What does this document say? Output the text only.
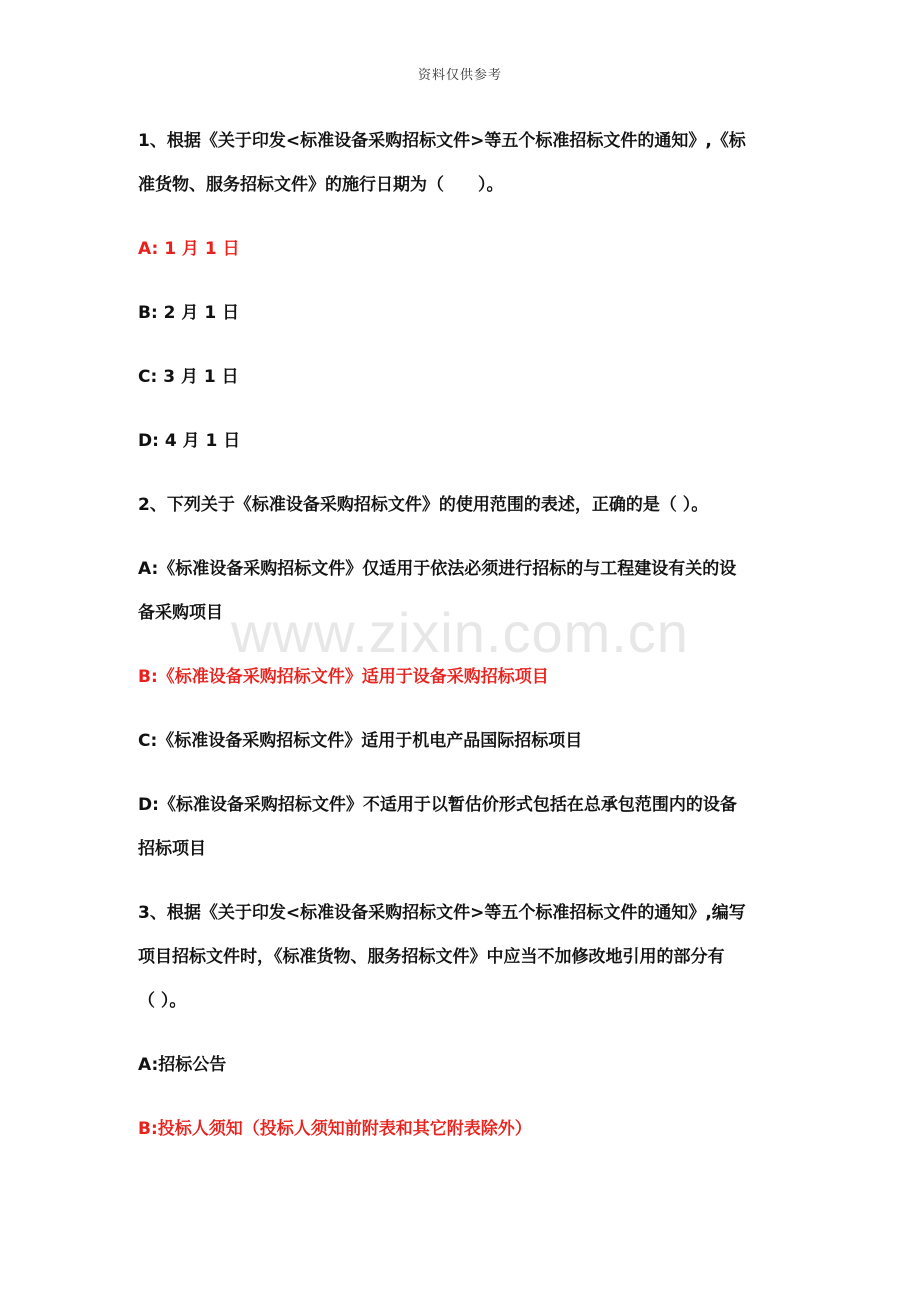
资料仅供参考
www.zixin.com.cn
1、根据《关于印发<标准设备采购招标文件>等五个标准招标文件的通知》,《标
准货物、服务招标文件》的施行日期为（　　）。
A: 1 月 1 日
B: 2 月 1 日
C: 3 月 1 日
D: 4 月 1 日
2、下列关于《标准设备采购招标文件》的使用范围的表述，正确的是（ ）。
A:《标准设备采购招标文件》仅适用于依法必须进行招标的与工程建设有关的设
备采购项目
B:《标准设备采购招标文件》适用于设备采购招标项目
C:《标准设备采购招标文件》适用于机电产品国际招标项目
D:《标准设备采购招标文件》不适用于以暂估价形式包括在总承包范围内的设备
招标项目
3、根据《关于印发<标准设备采购招标文件>等五个标准招标文件的通知》,编写
项目招标文件时，《标准货物、服务招标文件》中应当不加修改地引用的部分有
（ ）。
A:招标公告
B:投标人须知（投标人须知前附表和其它附表除外）
